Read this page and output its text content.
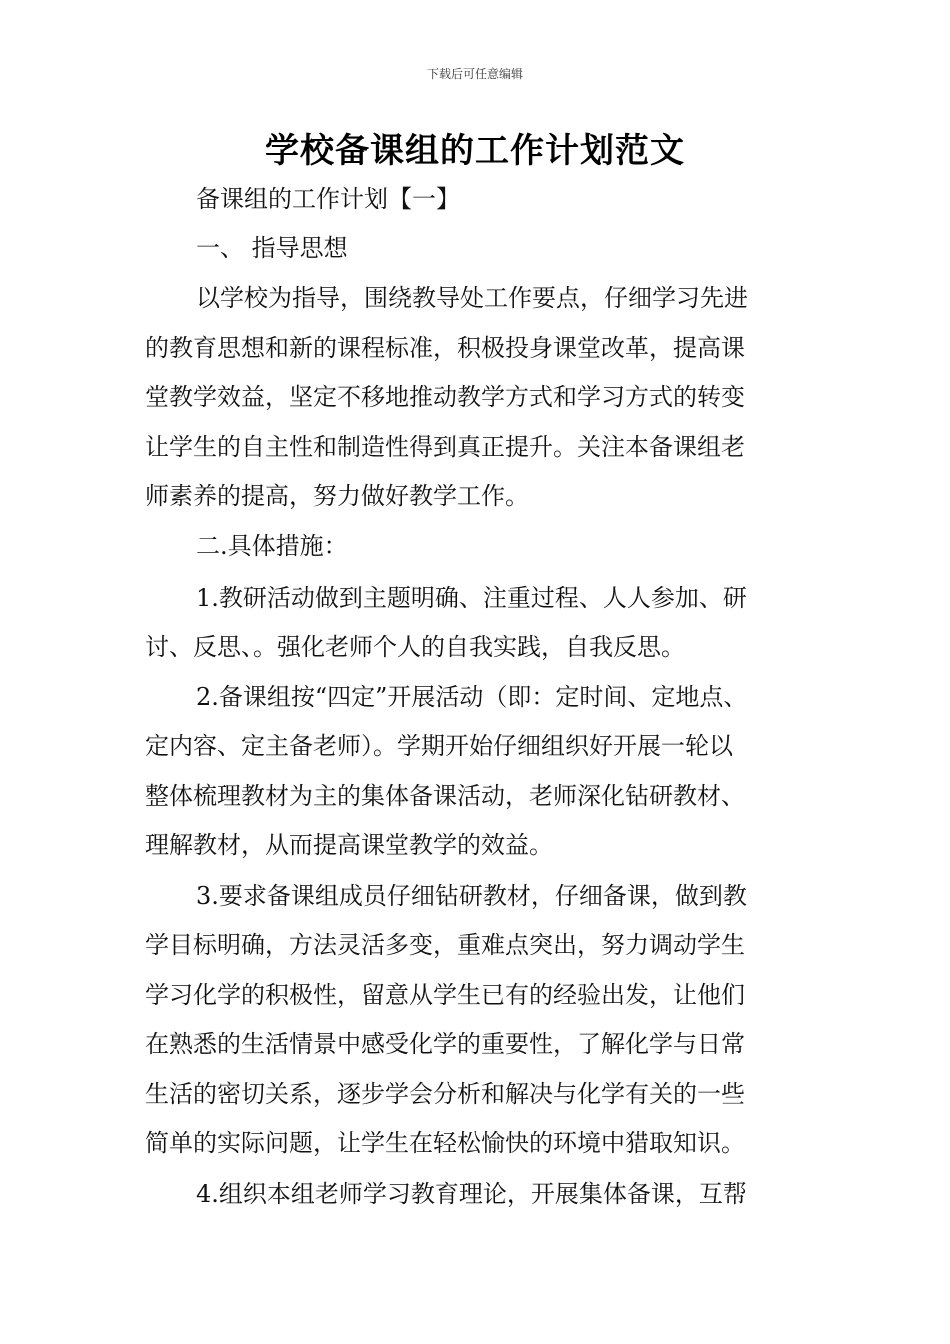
下载后可任意编辑
学校备课组的工作计划范文
备课组的工作计划【一】
一、 指导思想
以学校为指导，围绕教导处工作要点，仔细学习先进
的教育思想和新的课程标准，积极投身课堂改革，提高课
堂教学效益，坚定不移地推动教学方式和学习方式的转变
让学生的自主性和制造性得到真正提升。关注本备课组老
师素养的提高，努力做好教学工作。
二.具体措施：
1.教研活动做到主题明确、注重过程、人人参加、研
讨、反思、。强化老师个人的自我实践，自我反思。
2.备课组按“四定”开展活动（即：定时间、定地点、
定内容、定主备老师）。学期开始仔细组织好开展一轮以
整体梳理教材为主的集体备课活动，老师深化钻研教材、
理解教材，从而提高课堂教学的效益。
3.要求备课组成员仔细钻研教材，仔细备课，做到教
学目标明确，方法灵活多变，重难点突出，努力调动学生
学习化学的积极性，留意从学生已有的经验出发，让他们
在熟悉的生活情景中感受化学的重要性，了解化学与日常
生活的密切关系，逐步学会分析和解决与化学有关的一些
简单的实际问题，让学生在轻松愉快的环境中猎取知识。
4.组织本组老师学习教育理论，开展集体备课，互帮
